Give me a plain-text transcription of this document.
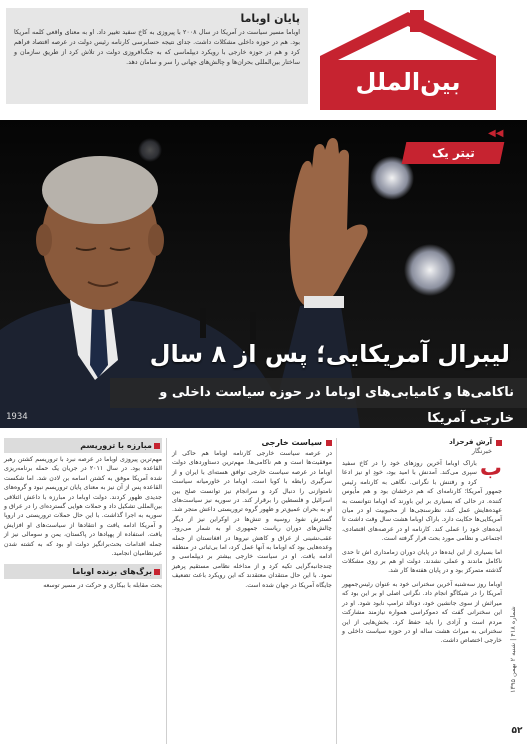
پایان اوباما

اوباما مسیر سیاست در آمریکا در سال ۲۰۰۸ با پیروزی به کاخ سفید تغییر داد. او به معنای واقعی کلمه آمریکا بود. هم در حوزه داخلی مشکلات داشت. جدای نتیجه حسابرسی کارنامه رئیس دولت در عرصه اقتصاد فراهم کرد و هم در حوزه خارجی با رویکرد دیپلماسی که به جنگ‌افروزی دولت در تلاش کرد از طریق سازمان و ساختار بین‌المللی بحران‌ها و چالش‌های جهانی را سر و سامان دهد.

بین‌الملل
◀◀
تیتر یک
لیبرال آمریکایی؛ پس از ۸ سال
ناکامی‌ها و کامیابی‌های اوباما در حوزه سیاست داخلی و خارجی آمریکا
1934

آرش فرحزاد

خبرنگار

ب
باراک اوباما آخرین روزهای خود را در کاخ سفید سپری می‌کند. آمدنش با امید بود، خودِ او نیز ادعا کرد و رفتنش با نگرانی. نگاهی به کارنامه رئیس جمهور آمریکا؛ کارنامه‌ای که هم درخشان بود و هم مأیوس کننده. در حالی که بسیاری بر این باورند که اوباما نتوانست به عهده‌هایش عمل کند، نظرسنجی‌ها از محبوبیت او در میان آمریکایی‌ها حکایت دارد. باراک اوباما هشت سال وقت داشت تا ایده‌های خود را عملی کند. کارنامه او در عرصه‌های اقتصادی، اجتماعی و نظامی مورد بحث قرار گرفته است.

اما بسیاری از این ایده‌ها در پایان دوران زمامداری اش تا حدی ناکامل ماندند و عملی نشدند. دولت او هم بر روی مشکلات گذشته متمرکز بود و در پایان هفته‌ها کار شد.

اوباما روز سه‌شنبه آخرین سخنرانی خود به عنوان رئیس‌جمهور آمریکا را در شیکاگو انجام داد. نگرانی اصلی او بر این بود که میراثش از سوی جانشین خود، دونالد ترامپ نابود شود. او در این سخنرانی گفت که دموکراسی همواره نیازمند مشارکت مردم است و آزادی را باید حفظ کرد. بخش‌هایی از این سخنرانی به میراث هشت ساله او در حوزه سیاست داخلی و خارجی اختصاص داشت.

سیاست خارجی

در عرصه سیاست خارجی کارنامه اوباما هم حاکی از موفقیت‌ها است و هم ناکامی‌ها. مهم‌ترین دستاوردهای دولت اوباما در عرصه سیاست خارجی توافق هسته‌ای با ایران و از سرگیری رابطه با کوبا است. اوباما در خاورمیانه سیاست نامتوازنی را دنبال کرد و سرانجام نیز توانست صلح بین اسرائیل و فلسطین را برقرار کند. در سوریه نیز سیاست‌های او به بحران عمیق‌تر و ظهور گروه تروریستی داعش منجر شد. گسترش نفوذ روسیه و تنش‌ها در اوکراین نیز از دیگر چالش‌های دوران ریاست جمهوری او به شمار می‌رود. عقب‌نشینی از عراق و کاهش نیروها در افغانستان از جمله وعده‌هایی بود که اوباما به آنها عمل کرد، اما بی‌ثباتی در منطقه ادامه یافت. او در سیاست خارجی بیشتر بر دیپلماسی و چندجانبه‌گرایی تکیه کرد و از مداخله نظامی مستقیم پرهیز نمود. با این حال منتقدان معتقدند که این رویکرد باعث تضعیف جایگاه آمریکا در جهان شده است.

مبارزه با تروریسم

مهم‌ترین پیروزی اوباما در عرصه نبرد با تروریسم کشتن رهبر القاعده بود. در سال ۲۰۱۱ در جریان یک حمله برنامه‌ریزی شده آمریکا موفق به کشتن اسامه بن لادن شد. اما شکست القاعده پس از آن نیز به معنای پایان تروریسم نبود و گروه‌های جدیدی ظهور کردند. دولت اوباما در مبارزه با داعش ائتلافی بین‌المللی تشکیل داد و حملات هوایی گسترده‌ای را در عراق و سوریه به اجرا گذاشت. با این حال حملات تروریستی در اروپا و آمریکا ادامه یافت و انتقادها از سیاست‌های او افزایش یافت. استفاده از پهپادها در پاکستان، یمن و سومالی نیز از جمله اقدامات بحث‌برانگیز دولت او بود که به کشته شدن غیرنظامیان انجامید.

برگ‌های برنده اوباما

بحث مقابله با بیکاری و حرکت در مسیر توسعه

شماره ۴۱۸ | شنبه ۲ بهمن ۱۳۹۵
۵۲
